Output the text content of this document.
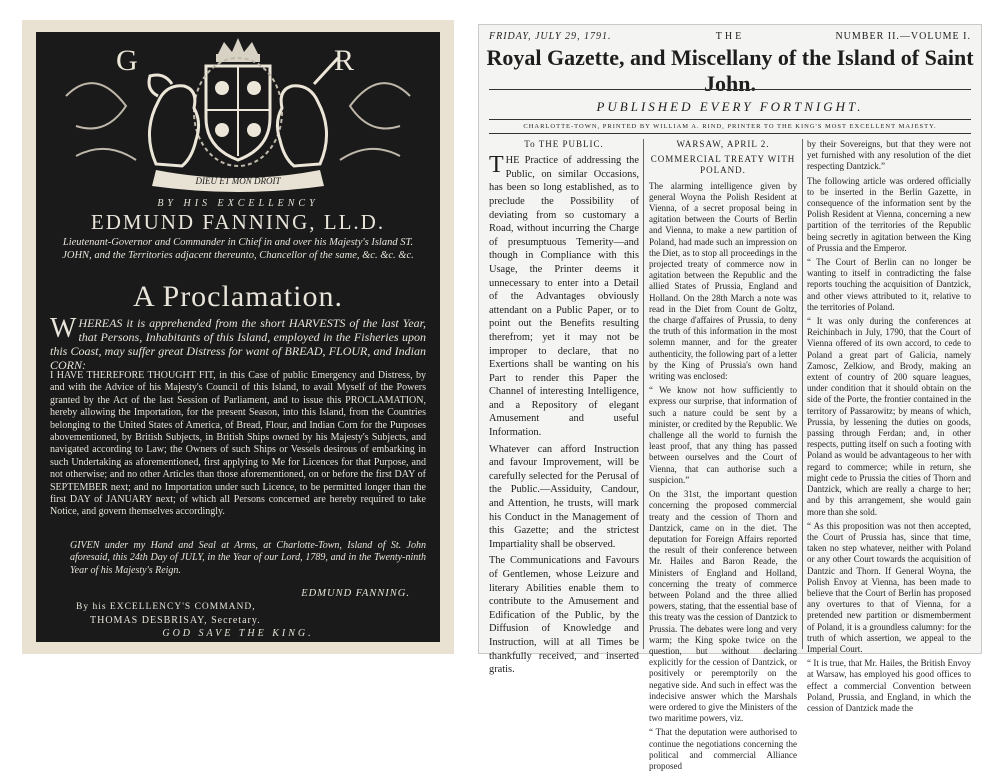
G	R
DIEU ET MON DROIT
BY HIS EXCELLENCY
EDMUND FANNING, LL.D.
Lieutenant-Governor and Commander in Chief in and over his Majesty's Island ST. JOHN, and the Territories adjacent thereunto, Chancellor of the same, &c. &c. &c.
A Proclamation.
WHEREAS it is apprehended from the short HARVESTS of the last Year, that Persons, Inhabitants of this Island, employed in the Fisheries upon this Coast, may suffer great Distress for want of BREAD, FLOUR, and Indian CORN:
I HAVE THEREFORE THOUGHT FIT, in this Case of public Emergency and Distress, by and with the Advice of his Majesty's Council of this Island, to avail Myself of the Powers granted by the Act of the last Session of Parliament, and to issue this PROCLAMATION, hereby allowing the Importation, for the present Season, into this Island, from the Countries belonging to the United States of America, of Bread, Flour, and Indian Corn for the Purposes abovementioned, by British Subjects, in British Ships owned by his Majesty's Subjects, and navigated according to Law; the Owners of such Ships or Vessels desirous of embarking in such Undertaking as aforementioned, first applying to Me for Licences for that Purpose, and not otherwise; and no other Articles than those aforementioned, on or before the first DAY of SEPTEMBER next; and no Importation under such Licence, to be permitted longer than the first DAY of JANUARY next; of which all Persons concerned are hereby required to take Notice, and govern themselves accordingly.
GIVEN under my Hand and Seal at Arms, at Charlotte-Town, Island of St. John aforesaid, this 24th Day of JULY, in the Year of our Lord, 1789, and in the Twenty-ninth Year of his Majesty's Reign.
EDMUND FANNING.
By his EXCELLENCY'S COMMAND,
THOMAS DESBRISAY, Secretary.
GOD SAVE THE KING.
FRIDAY, JULY 29, 1791.	THE	NUMBER II.—VOLUME I.
Royal Gazette, and Miscellany of the Island of Saint John.
PUBLISHED EVERY FORTNIGHT.
CHARLOTTE-TOWN, PRINTED BY WILLIAM A. RIND, PRINTER TO THE KING'S MOST EXCELLENT MAJESTY.
To THE PUBLIC.

THE Practice of addressing the Public, on similar Occasions, has been so long established, as to preclude the Possibility of deviating from so customary a Road, without incurring the Charge of presumptuous Temerity—and though in Compliance with this Usage, the Printer deems it unnecessary to enter into a Detail of the Advantages obviously attendant on a Public Paper, or to point out the Benefits resulting therefrom; yet it may not be improper to declare, that no Exertions shall be wanting on his Part to render this Paper the Channel of interesting Intelligence, and a Repository of elegant Amusement and useful Information.

Whatever can afford Instruction and favour Improvement, will be carefully selected for the Perusal of the Public.—Assiduity, Candour, and Attention, he trusts, will mark his Conduct in the Management of this Gazette; and the strictest Impartiality shall be observed.

The Communications and Favours of Gentlemen, whose Leizure and literary Abilities enable them to contribute to the Amusement and Edification of the Public, by the Diffusion of Knowledge and Instruction, will at all Times be thankfully received, and inserted gratis.

WARSAW, APRIL 2.
COMMERCIAL TREATY WITH POLAND.

The alarming intelligence given by general Woyna the Polish Resident at Vienna, of a secret proposal being in agitation between the Courts of Berlin and Vienna, to make a new partition of Poland, had made such an impression on the Diet, as to stop all proceedings in the projected treaty of commerce now in agitation between the Republic and the allied States of Prussia, England and Holland. On the 28th March a note was read in the Diet from Count de Goltz, the charge d'affaires of Prussia, to deny the truth of this information in the most solemn manner, and for the greater authenticity, the following part of a letter by the King of Prussia's own hand writing was enclosed:

“ We know not how sufficiently to express our surprise, that information of such a nature could be sent by a minister, or credited by the Republic. We challenge all the world to furnish the least proof, that any thing has passed between ourselves and the Court of Vienna, that can authorise such a suspicion.”

On the 31st, the important question concerning the proposed commercial treaty and the cession of Thorn and Dantzick, came on in the diet. The deputation for Foreign Affairs reported the result of their conference between Mr. Hailes and Baron Reade, the Ministers of England and Holland, concerning the treaty of commerce between Poland and the three allied powers, stating, that the essential base of this treaty was the cession of Dantzick to Prussia. The debates were long and very warm; the King spoke twice on the question, but without declaring explicitly for the cession of Dantzick, or positively or peremptorily on the negative side. And such in effect was the indecisive answer which the Marshals were ordered to give the Ministers of the two maritime powers, viz.

“ That the deputation were authorised to continue the negotiations concerning the political and commercial Alliance proposed

by their Sovereigns, but that they were not yet furnished with any resolution of the diet respecting Dantzick.”

The following article was ordered officially to be inserted in the Berlin Gazette, in consequence of the information sent by the Polish Resident at Vienna, concerning a new partition of the territories of the Republic being secretly in agitation between the King of Prussia and the Emperor.

“ The Court of Berlin can no longer be wanting to itself in contradicting the false reports touching the acquisition of Dantzick, and other views attributed to it, relative to the territories of Poland.

“ It was only during the conferences at Reichinbach in July, 1790, that the Court of Vienna offered of its own accord, to cede to Poland a great part of Galicia, namely Zamosc, Zelkiow, and Brody, making an extent of country of 200 square leagues, under condition that it should obtain on the side of the Porte, the frontier contained in the territory of Passarowitz; by means of which, Prussia, by lessening the duties on goods, passing through Ferdan; and, in other respects, putting itself on such a footing with Poland as would be advantageous to her with regard to commerce; while in return, she might cede to Prussia the cities of Thorn and Dantzick, which are really a charge to her; and by this arrangement, she would gain more than she sold.

“ As this proposition was not then accepted, the Court of Prussia has, since that time, taken no step whatever, neither with Poland or any other Court towards the acquisition of Dantzic and Thorn. If General Woyna, the Polish Envoy at Vienna, has been made to believe that the Court of Berlin has proposed any overtures to that of Vienna, for a pretended new partition or dismemberment of Poland, it is a groundless calumny: for the truth of which assertion, we appeal to the Imperial Court.

“ It is true, that Mr. Hailes, the British Envoy at Warsaw, has employed his good offices to effect a commercial Convention between Poland, Prussia, and England, in which the cession of Dantzick made the
